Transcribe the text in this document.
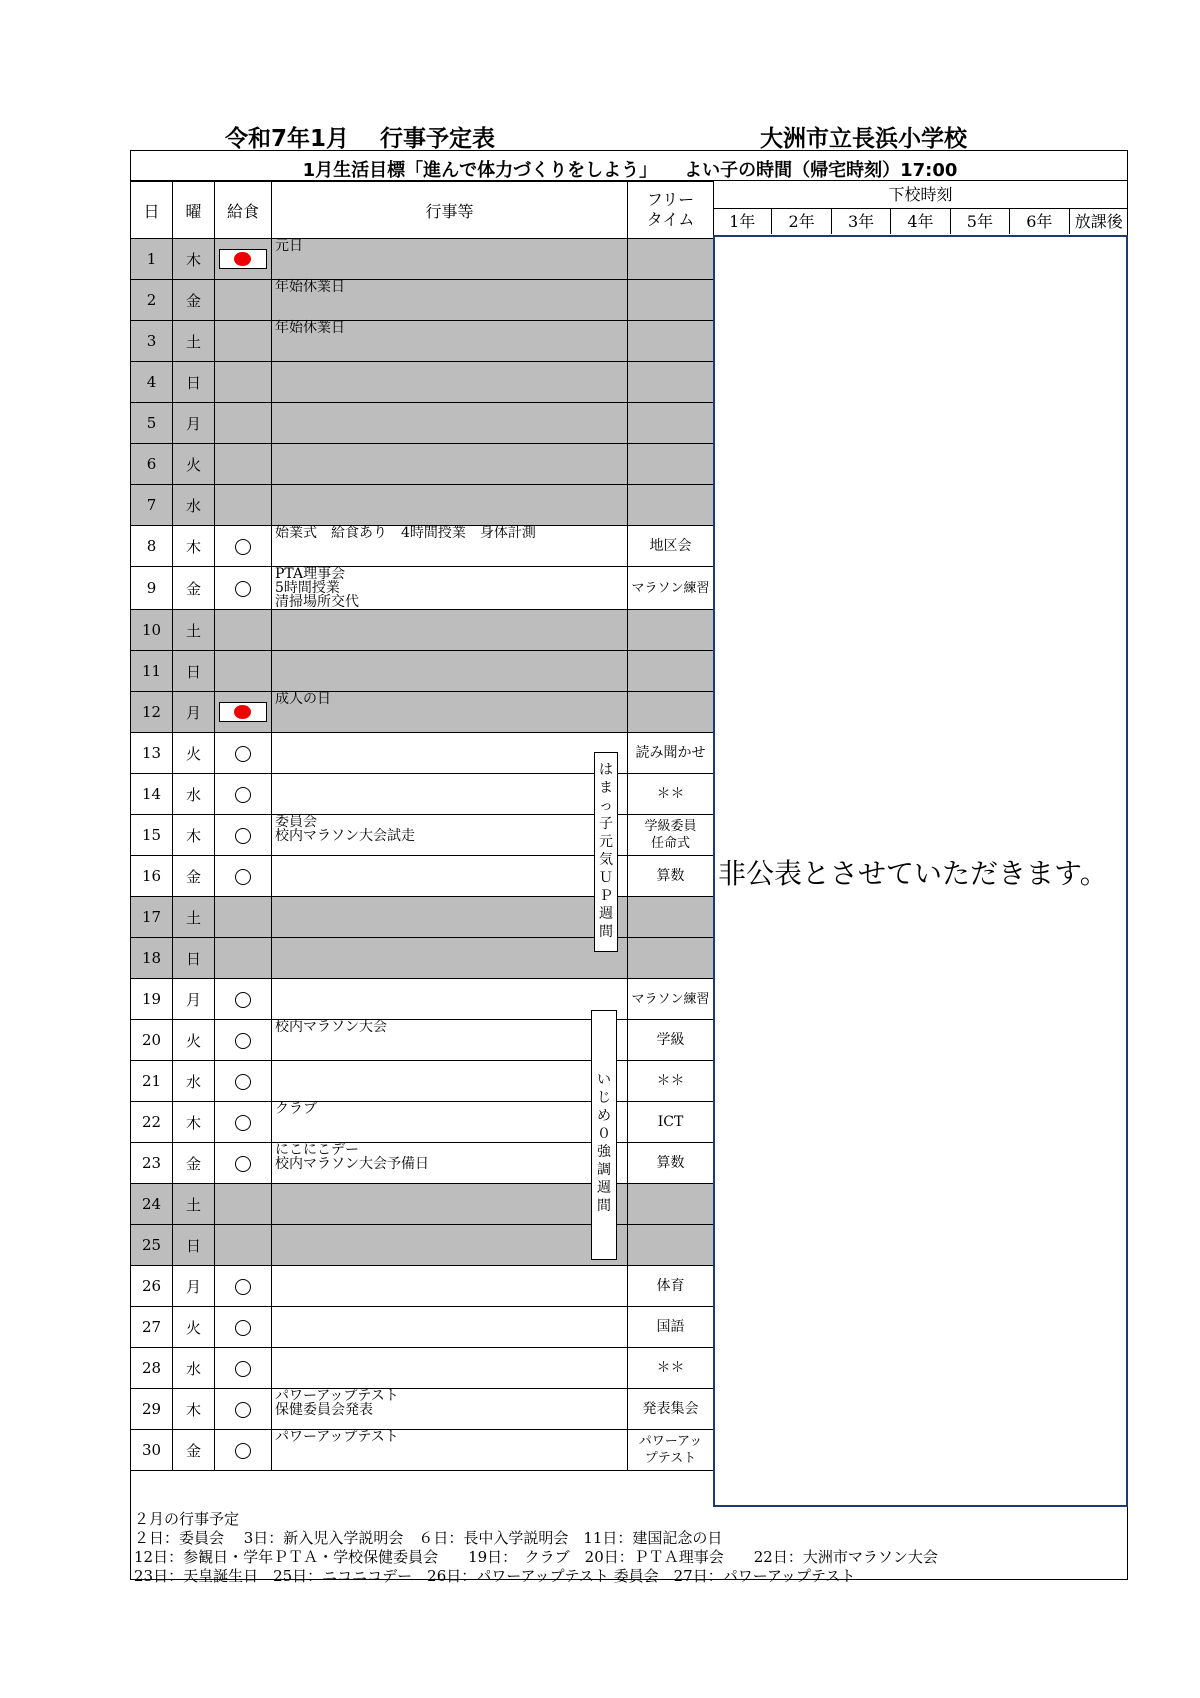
令和7年1月　 行事予定表	大洲市立長浜小学校
1月生活目標「進んで体力づくりをしよう」　　よい子の時間（帰宅時刻）17:00
日	曜	給食	行事等	フリー
タイム
1	木		元日	
2	金		年始休業日	
3	土		年始休業日	
4	日			
5	月			
6	火			
7	水			
8	木		始業式　給食あり　4時間授業　身体計測	地区会
9	金		PTA理事会
5時間授業
清掃場所交代	マラソン練習
10	土			
11	日			
12	月		成人の日	
13	火			読み聞かせ
14	水			＊＊
15	木		委員会
校内マラソン大会試走	学級委員
任命式
16	金			算数
17	土			
18	日			
19	月			マラソン練習
20	火		校内マラソン大会	学級
21	水			＊＊
22	木		クラブ	ICT
23	金		にこにこデー
校内マラソン大会予備日	算数
24	土			
25	日			
26	月			体育
27	火			国語
28	水			＊＊
29	木		パワーアップテスト
保健委員会発表	発表集会
30	金		パワーアップテスト	パワーアッ
プテスト
下校時刻
1年	2年	3年	4年	5年	6年	放課後
非公表とさせていただきます。
は
ま
っ
子
元
気
Ｕ
Ｐ
週
間
い
じ
め
０
強
調
週
間
２月の行事予定
２日：委員会　 3日：新入児入学説明会　６日：長中入学説明会　11日：建国記念の日
12日：参観日・学年ＰＴＡ・学校保健委員会　　19日：　クラブ　20日：ＰＴＡ理事会　　22日：大洲市マラソン大会
23日：天皇誕生日　25日：ニコニコデー　26日：パワーアップテスト 委員会　27日：パワーアップテスト
